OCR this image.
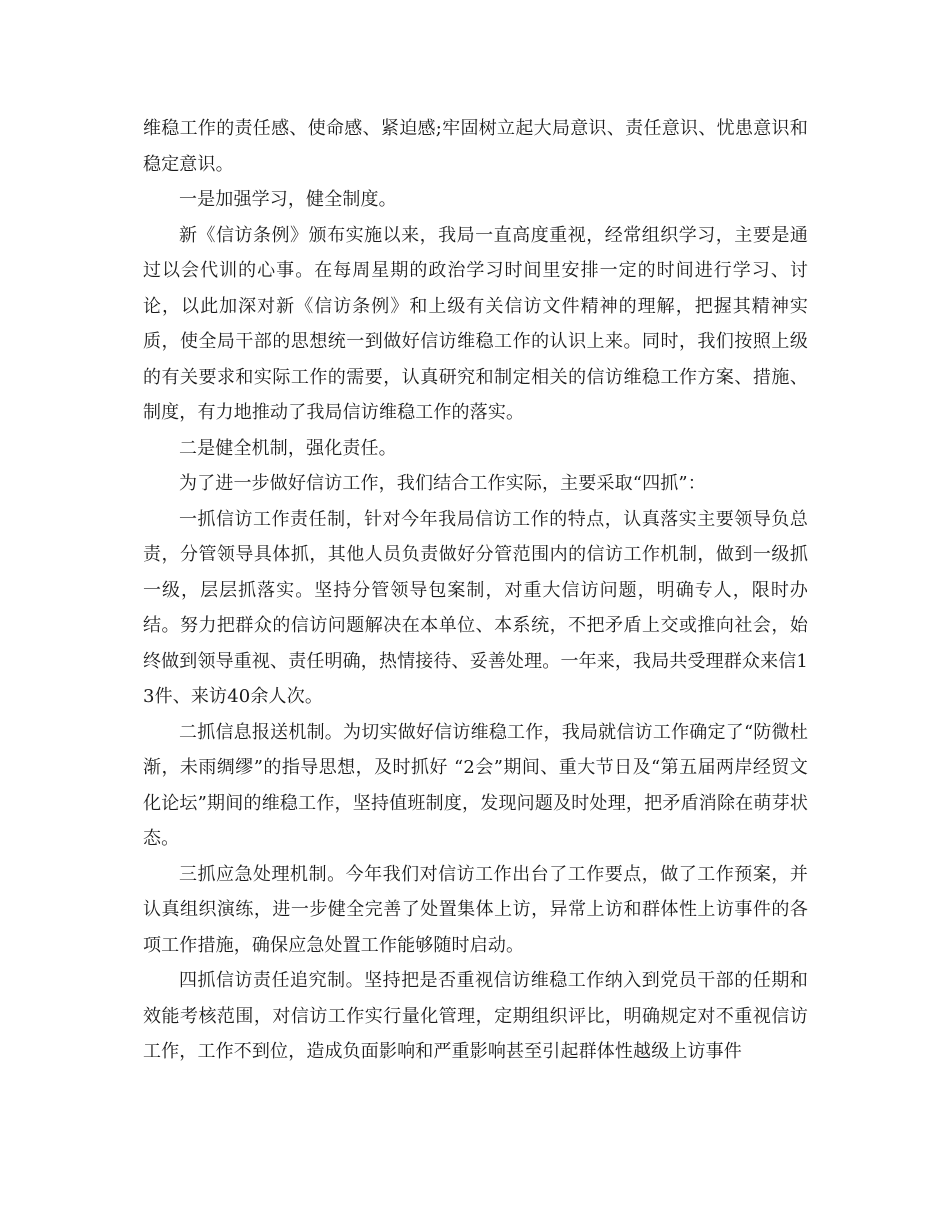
维稳工作的责任感、使命感、紧迫感;牢固树立起大局意识、责任意识、忧患意识和稳定意识。

一是加强学习，健全制度。

新《信访条例》颁布实施以来，我局一直高度重视，经常组织学习，主要是通过以会代训的心事。在每周星期的政治学习时间里安排一定的时间进行学习、讨论，以此加深对新《信访条例》和上级有关信访文件精神的理解，把握其精神实质，使全局干部的思想统一到做好信访维稳工作的认识上来。同时，我们按照上级的有关要求和实际工作的需要，认真研究和制定相关的信访维稳工作方案、措施、制度，有力地推动了我局信访维稳工作的落实。

二是健全机制，强化责任。

为了进一步做好信访工作，我们结合工作实际，主要采取“四抓”：

一抓信访工作责任制，针对今年我局信访工作的特点，认真落实主要领导负总责，分管领导具体抓，其他人员负责做好分管范围内的信访工作机制，做到一级抓一级，层层抓落实。坚持分管领导包案制，对重大信访问题，明确专人，限时办结。努力把群众的信访问题解决在本单位、本系统，不把矛盾上交或推向社会，始终做到领导重视、责任明确，热情接待、妥善处理。一年来，我局共受理群众来信13件、来访40余人次。

二抓信息报送机制。为切实做好信访维稳工作，我局就信访工作确定了“防微杜渐，未雨绸缪”的指导思想，及时抓好 “2会”期间、重大节日及“第五届两岸经贸文化论坛”期间的维稳工作，坚持值班制度，发现问题及时处理，把矛盾消除在萌芽状态。

三抓应急处理机制。今年我们对信访工作出台了工作要点，做了工作预案，并认真组织演练，进一步健全完善了处置集体上访，异常上访和群体性上访事件的各项工作措施，确保应急处置工作能够随时启动。

四抓信访责任追究制。坚持把是否重视信访维稳工作纳入到党员干部的任期和效能考核范围，对信访工作实行量化管理，定期组织评比，明确规定对不重视信访工作，工作不到位，造成负面影响和严重影响甚至引起群体性越级上访事件
